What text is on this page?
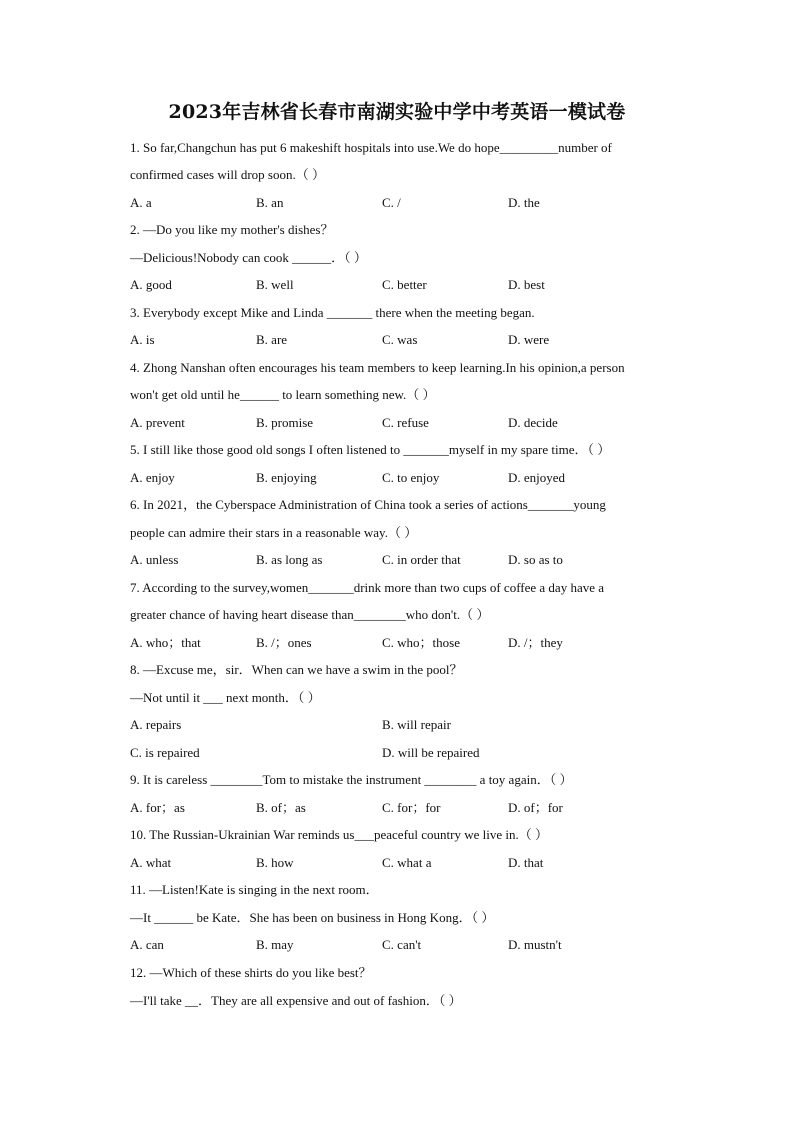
2023年吉林省长春市南湖实验中学中考英语一模试卷
1. So far,Changchun has put 6 makeshift hospitals into use.We do hope_________number of
confirmed cases will drop soon.（ ）
A. a	B. an	C. /	D. the
2. —Do you like my mother's dishes？
—Delicious!Nobody can cook ______．（ ）
A. good	B. well	C. better	D. best
3. Everybody except Mike and Linda _______ there when the meeting began.
A. is	B. are	C. was	D. were
4. Zhong Nanshan often encourages his team members to keep learning.In his opinion,a person
won't get old until he______ to learn something new.（ ）
A. prevent	B. promise	C. refuse	D. decide
5. I still like those good old songs I often listened to _______myself in my spare time．（ ）
A. enjoy	B. enjoying	C. to enjoy	D. enjoyed
6. In 2021，the Cyberspace Administration of China took a series of actions_______young
people can admire their stars in a reasonable way.（ ）
A. unless	B. as long as	C. in order that	D. so as to
7. According to the survey,women_______drink more than two cups of coffee a day have a
greater chance of having heart disease than________who don't.（ ）
A. who；that	B. /；ones	C. who；those	D. /；they
8. —Excuse me，sir．When can we have a swim in the pool？
—Not until it ___ next month．（ ）
A. repairs	B. will repair
C. is repaired	D. will be repaired
9. It is careless ________Tom to mistake the instrument ________ a toy again．（ ）
A. for；as	B. of；as	C. for；for	D. of；for
10. The Russian-Ukrainian War reminds us___peaceful country we live in.（ ）
A. what	B. how	C. what a	D. that
11. —Listen!Kate is singing in the next room．
—It ______ be Kate．She has been on business in Hong Kong．（ ）
A. can	B. may	C. can't	D. mustn't
12. —Which of these shirts do you like best？
—I'll take __．They are all expensive and out of fashion．（ ）
